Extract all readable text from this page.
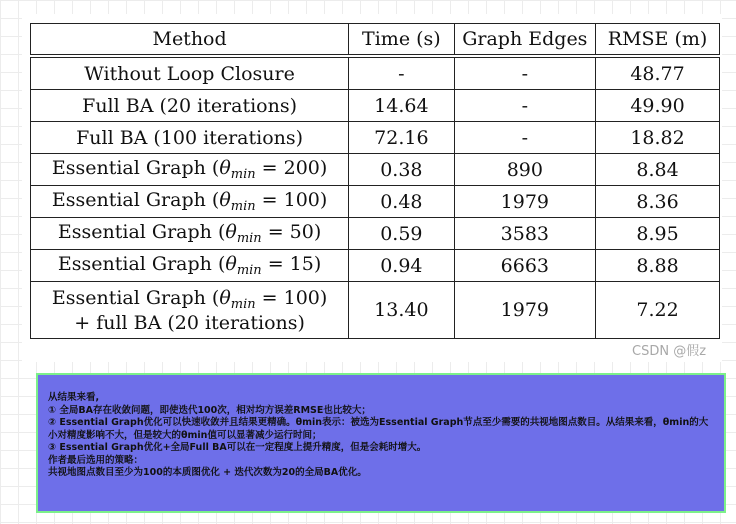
Method	Time (s)	Graph Edges	RMSE (m)
Without Loop Closure	-	-	48.77
Full BA (20 iterations)	14.64	-	49.90
Full BA (100 iterations)	72.16	-	18.82
Essential Graph $(\theta_{min} = 200)$	0.38	890	8.84
Essential Graph $(\theta_{min} = 100)$	0.48	1979	8.36
Essential Graph $(\theta_{min} = 50)$	0.59	3583	8.95
Essential Graph $(\theta_{min} = 15)$	0.94	6663	8.88
Essential Graph $(\theta_{min} = 100)$
+ full BA (20 iterations)	13.40	1979	7.22
CSDN @假z

从结果来看,

① 全局BA存在收敛问题，即使迭代100次，相对均方误差RMSE也比较大；

② Essential Graph优化可以快速收敛并且结果更精确。θmin表示：被选为Essential Graph节点至少需要的共视地图点数目。从结果来看，θmin的大小对精度影响不大，但是较大的θmin值可以显著减少运行时间；

③ Essential Graph优化+全局Full BA可以在一定程度上提升精度，但是会耗时增大。

作者最后选用的策略：

共视地图点数目至少为100的本质图优化 + 迭代次数为20的全局BA优化。
